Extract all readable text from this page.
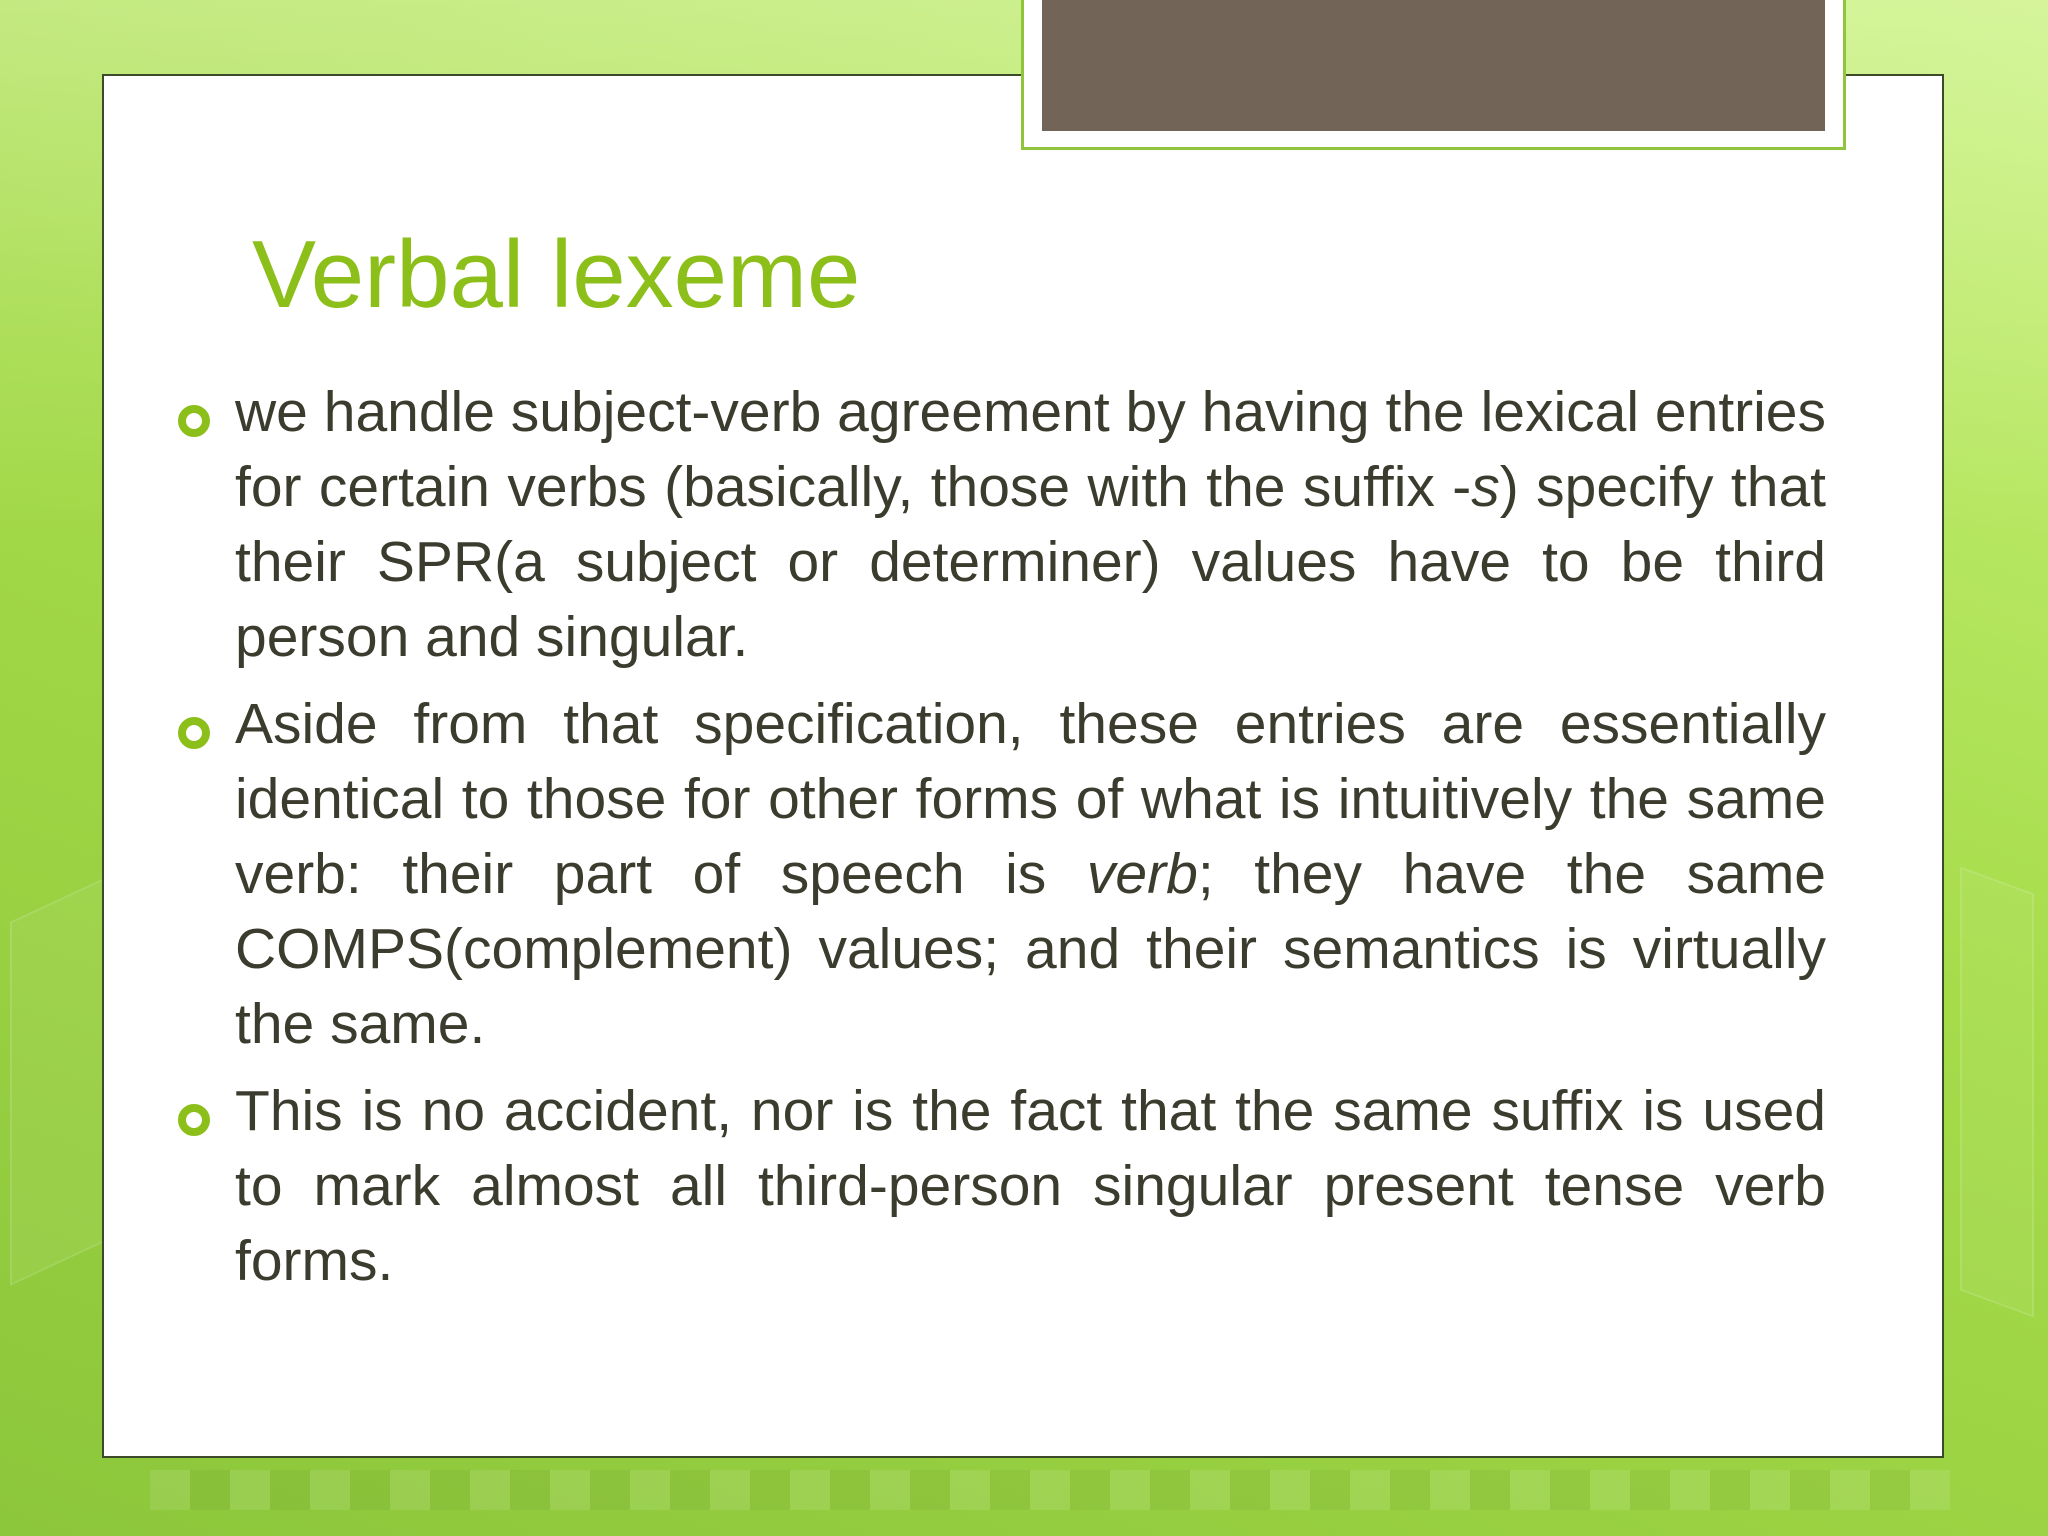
Verbal lexeme

we handle subject-verb agreement by having the lexical entries for certain verbs (basically, those with the suffix -s) specify that their SPR(a subject or determiner) values have to be third person and singular.

Aside from that specification, these entries are essentially identical to those for other forms of what is intuitively the same verb: their part of speech is verb; they have the same COMPS(complement) values; and their semantics is virtually the same.

This is no accident, nor is the fact that the same suffix is used to mark almost all third-person singular present tense verb forms.
